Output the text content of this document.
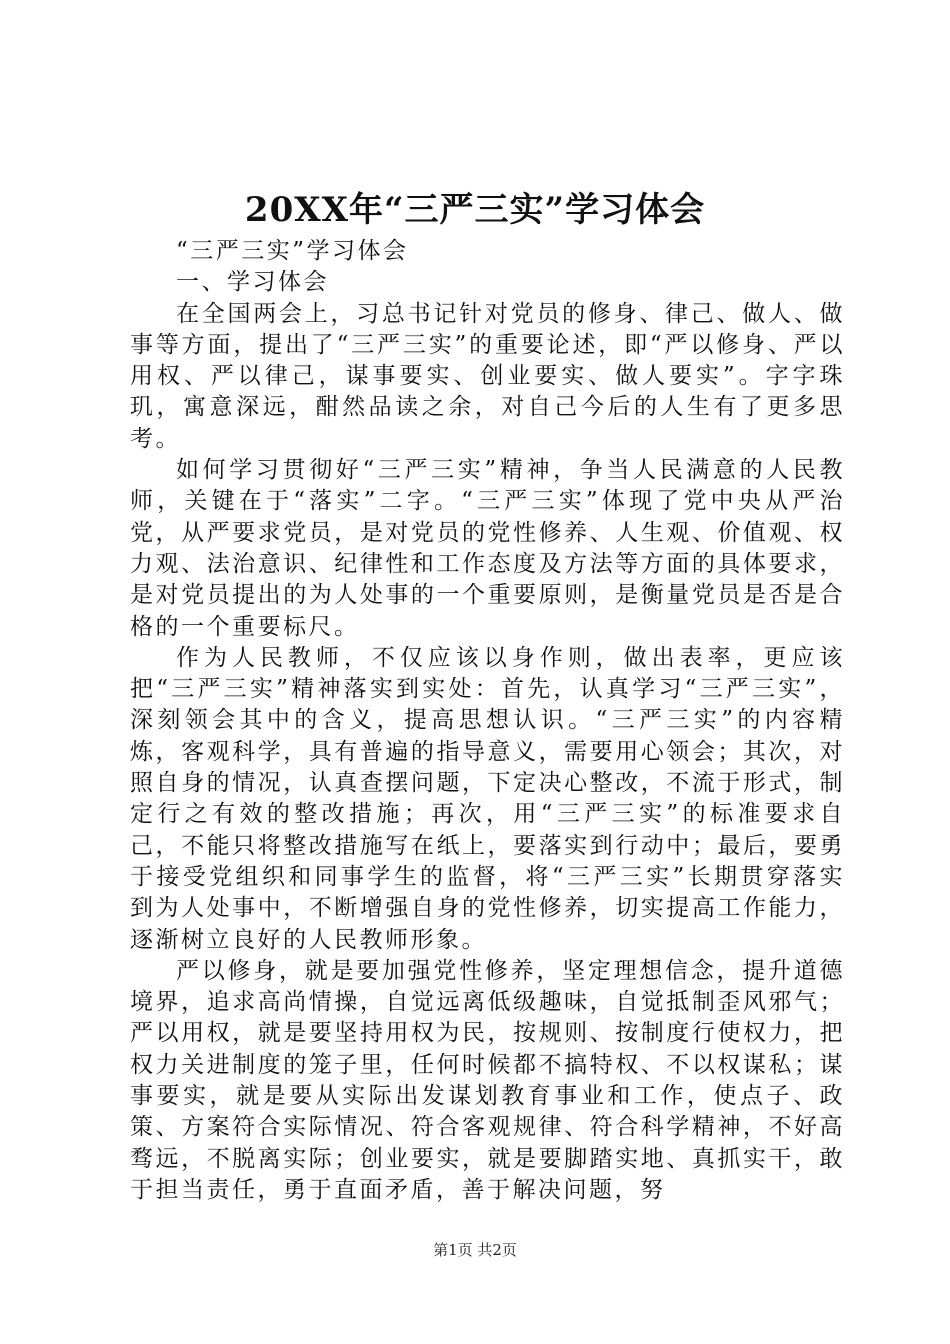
20XX年“三严三实”学习体会

“三严三实”学习体会

一、学习体会

在全国两会上，习总书记针对党员的修身、律己、做人、做事等方面，提出了“三严三实”的重要论述，即“严以修身、严以用权、严以律己，谋事要实、创业要实、做人要实”。字字珠玑，寓意深远，酣然品读之余，对自己今后的人生有了更多思考。

如何学习贯彻好“三严三实”精神，争当人民满意的人民教师，关键在于“落实”二字。“三严三实”体现了党中央从严治党，从严要求党员，是对党员的党性修养、人生观、价值观、权力观、法治意识、纪律性和工作态度及方法等方面的具体要求，是对党员提出的为人处事的一个重要原则，是衡量党员是否是合格的一个重要标尺。

作为人民教师，不仅应该以身作则，做出表率，更应该把“三严三实”精神落实到实处：首先，认真学习“三严三实”，深刻领会其中的含义，提高思想认识。“三严三实”的内容精炼，客观科学，具有普遍的指导意义，需要用心领会；其次，对照自身的情况，认真查摆问题，下定决心整改，不流于形式，制定行之有效的整改措施；再次，用“三严三实”的标准要求自己，不能只将整改措施写在纸上，要落实到行动中；最后，要勇于接受党组织和同事学生的监督，将“三严三实”长期贯穿落实到为人处事中，不断增强自身的党性修养，切实提高工作能力，逐渐树立良好的人民教师形象。

严以修身，就是要加强党性修养，坚定理想信念，提升道德境界，追求高尚情操，自觉远离低级趣味，自觉抵制歪风邪气；严以用权，就是要坚持用权为民，按规则、按制度行使权力，把权力关进制度的笼子里，任何时候都不搞特权、不以权谋私；谋事要实，就是要从实际出发谋划教育事业和工作，使点子、政策、方案符合实际情况、符合客观规律、符合科学精神，不好高骛远，不脱离实际；创业要实，就是要脚踏实地、真抓实干，敢于担当责任，勇于直面矛盾，善于解决问题，努

第1页 共2页
